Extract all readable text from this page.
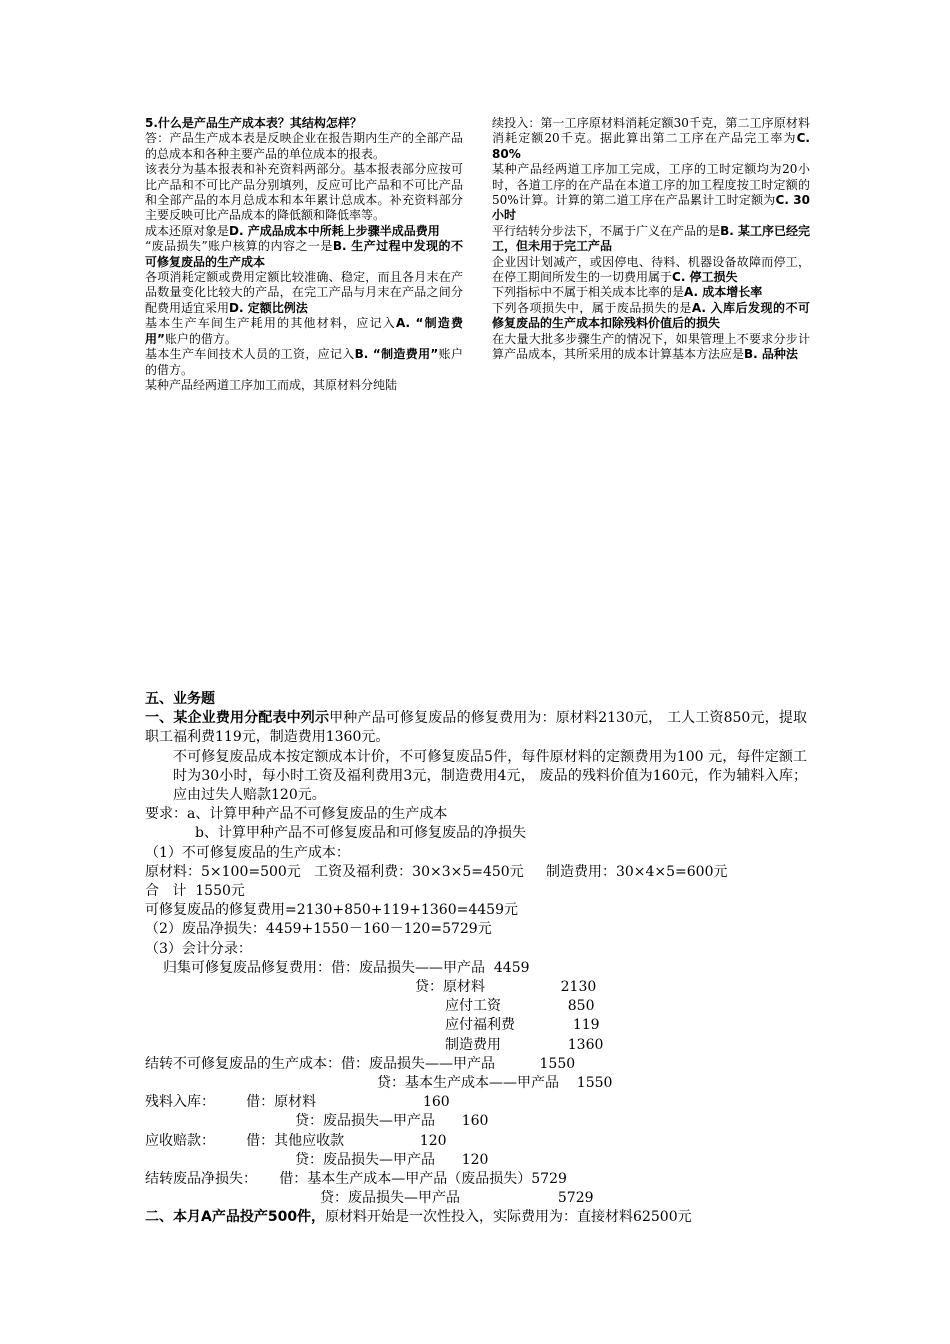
5.什么是产品生产成本表？其结构怎样？

答：产品生产成本表是反映企业在报告期内生产的全部产品的总成本和各种主要产品的单位成本的报表。

该表分为基本报表和补充资料两部分。基本报表部分应按可比产品和不可比产品分别填列，反应可比产品和不可比产品和全部产品的本月总成本和本年累计总成本。补充资料部分主要反映可比产品成本的降低额和降低率等。

成本还原对象是D. 产成品成本中所耗上步骤半成品费用

“废品损失”账户核算的内容之一是B. 生产过程中发现的不可修复废品的生产成本

各项消耗定额或费用定额比较准确、稳定，而且各月末在产品数量变化比较大的产品，在完工产品与月末在产品之间分配费用适宜采用D. 定额比例法

基本生产车间生产耗用的其他材料，应记入A. “制造费用”账户的借方。

基本生产车间技术人员的工资，应记入B. “制造费用”账户的借方。

某种产品经两道工序加工而成，其原材料分纯陆

续投入：第一工序原材料消耗定额30千克，第二工序原材料消耗定额20千克。据此算出第二工序在产品完工率为C. 80%

某种产品经两道工序加工完成，工序的工时定额均为20小时，各道工序的在产品在本道工序的加工程度按工时定额的50%计算。计算的第二道工序在产品累计工时定额为C. 30小时

平行结转分步法下，不属于广义在产品的是B. 某工序已经完工，但未用于完工产品

企业因计划减产，或因停电、待料、机器设备故障而停工，在停工期间所发生的一切费用属于C. 停工损失

下列指标中不属于相关成本比率的是A. 成本增长率

下列各项损失中，属于废品损失的是A. 入库后发现的不可修复废品的生产成本扣除残料价值后的损失

在大量大批多步骤生产的情况下，如果管理上不要求分步计算产品成本，其所采用的成本计算基本方法应是B. 品种法

五、业务题

一、某企业费用分配表中列示甲种产品可修复废品的修复费用为：原材料2130元， 工人工资850元，提取职工福利费119元，制造费用1360元。

不可修复废品成本按定额成本计价，不可修复废品5件，每件原材料的定额费用为100 元，每件定额工时为30小时，每小时工资及福利费用3元，制造费用4元， 废品的残料价值为160元，作为辅料入库；应由过失人赔款120元。

要求：a、计算甲种产品不可修复废品的生产成本

b、计算甲种产品不可修复废品和可修复废品的净损失

（1）不可修复废品的生产成本：

原材料：5×100=500元   工资及福利费：30×3×5=450元     制造费用：30×4×5=600元

合   计  1550元

可修复废品的修复费用=2130+850+119+1360=4459元

（2）废品净损失：4459+1550－160－120=5729元

（3）会计分录：

归集可修复废品修复费用：借：废品损失——甲产品  4459

贷：原材料                 2130

应付工资               850

应付福利费             119

制造费用               1360

结转不可修复废品的生产成本：借：废品损失——甲产品          1550

贷：基本生产成本——甲产品    1550

残料入库：       借：原材料                        160

贷：废品损失—甲产品      160

应收赔款：       借：其他应收款                 120

贷：废品损失—甲产品      120

结转废品净损失：     借：基本生产成本—甲产品（废品损失）5729

贷：废品损失—甲产品                      5729

二、本月A产品投产500件，原材料开始是一次性投入，实际费用为：直接材料62500元
